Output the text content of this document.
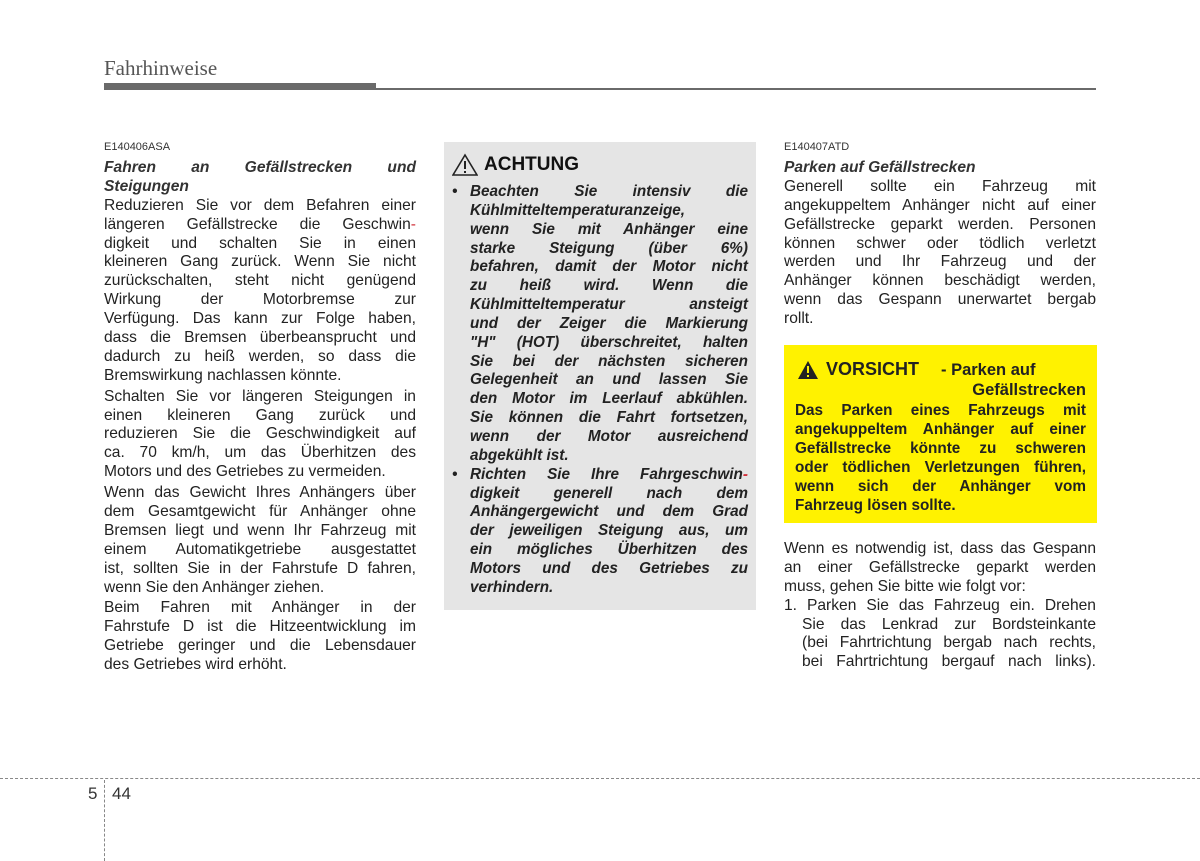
Fahrhinweise
E140406ASA
Fahren an Gefällstrecken und
Steigungen
Reduzieren Sie vor dem Befahren einer
längeren Gefällstrecke die Geschwin-
digkeit und schalten Sie in einen
kleineren Gang zurück. Wenn Sie nicht
zurückschalten, steht nicht genügend
Wirkung der Motorbremse zur
Verfügung. Das kann zur Folge haben,
dass die Bremsen überbeansprucht und
dadurch zu heiß werden, so dass die
Bremswirkung nachlassen könnte.
Schalten Sie vor längeren Steigungen in
einen kleineren Gang zurück und
reduzieren Sie die Geschwindigkeit auf
ca. 70 km/h, um das Überhitzen des
Motors und des Getriebes zu vermeiden.
Wenn das Gewicht Ihres Anhängers über
dem Gesamtgewicht für Anhänger ohne
Bremsen liegt und wenn Ihr Fahrzeug mit
einem Automatikgetriebe ausgestattet
ist, sollten Sie in der Fahrstufe D fahren,
wenn Sie den Anhänger ziehen.
Beim Fahren mit Anhänger in der
Fahrstufe D ist die Hitzeentwicklung im
Getriebe geringer und die Lebensdauer
des Getriebes wird erhöht.
ACHTUNG
• Beachten Sie intensiv die
Kühlmitteltemperaturanzeige,
wenn Sie mit Anhänger eine
starke Steigung (über 6%)
befahren, damit der Motor nicht
zu heiß wird. Wenn die
Kühlmitteltemperatur ansteigt
und der Zeiger die Markierung
"H" (HOT) überschreitet, halten
Sie bei der nächsten sicheren
Gelegenheit an und lassen Sie
den Motor im Leerlauf abkühlen.
Sie können die Fahrt fortsetzen,
wenn der Motor ausreichend
abgekühlt ist.
• Richten Sie Ihre Fahrgeschwin-
digkeit generell nach dem
Anhängergewicht und dem Grad
der jeweiligen Steigung aus, um
ein mögliches Überhitzen des
Motors und des Getriebes zu
verhindern.
E140407ATD
Parken auf Gefällstrecken
Generell sollte ein Fahrzeug mit
angekuppeltem Anhänger nicht auf einer
Gefällstrecke geparkt werden. Personen
können schwer oder tödlich verletzt
werden und Ihr Fahrzeug und der
Anhänger können beschädigt werden,
wenn das Gespann unerwartet bergab
rollt.
Wenn es notwendig ist, dass das Gespann
an einer Gefällstrecke geparkt werden
muss, gehen Sie bitte wie folgt vor:
1. Parken Sie das Fahrzeug ein. Drehen
Sie das Lenkrad zur Bordsteinkante
(bei Fahrtrichtung bergab nach rechts,
bei Fahrtrichtung bergauf nach links).
VORSICHT - Parken auf
Gefällstrecken
Das Parken eines Fahrzeugs mit
angekuppeltem Anhänger auf einer
Gefällstrecke könnte zu schweren
oder tödlichen Verletzungen führen,
wenn sich der Anhänger vom
Fahrzeug lösen sollte.
5 44
